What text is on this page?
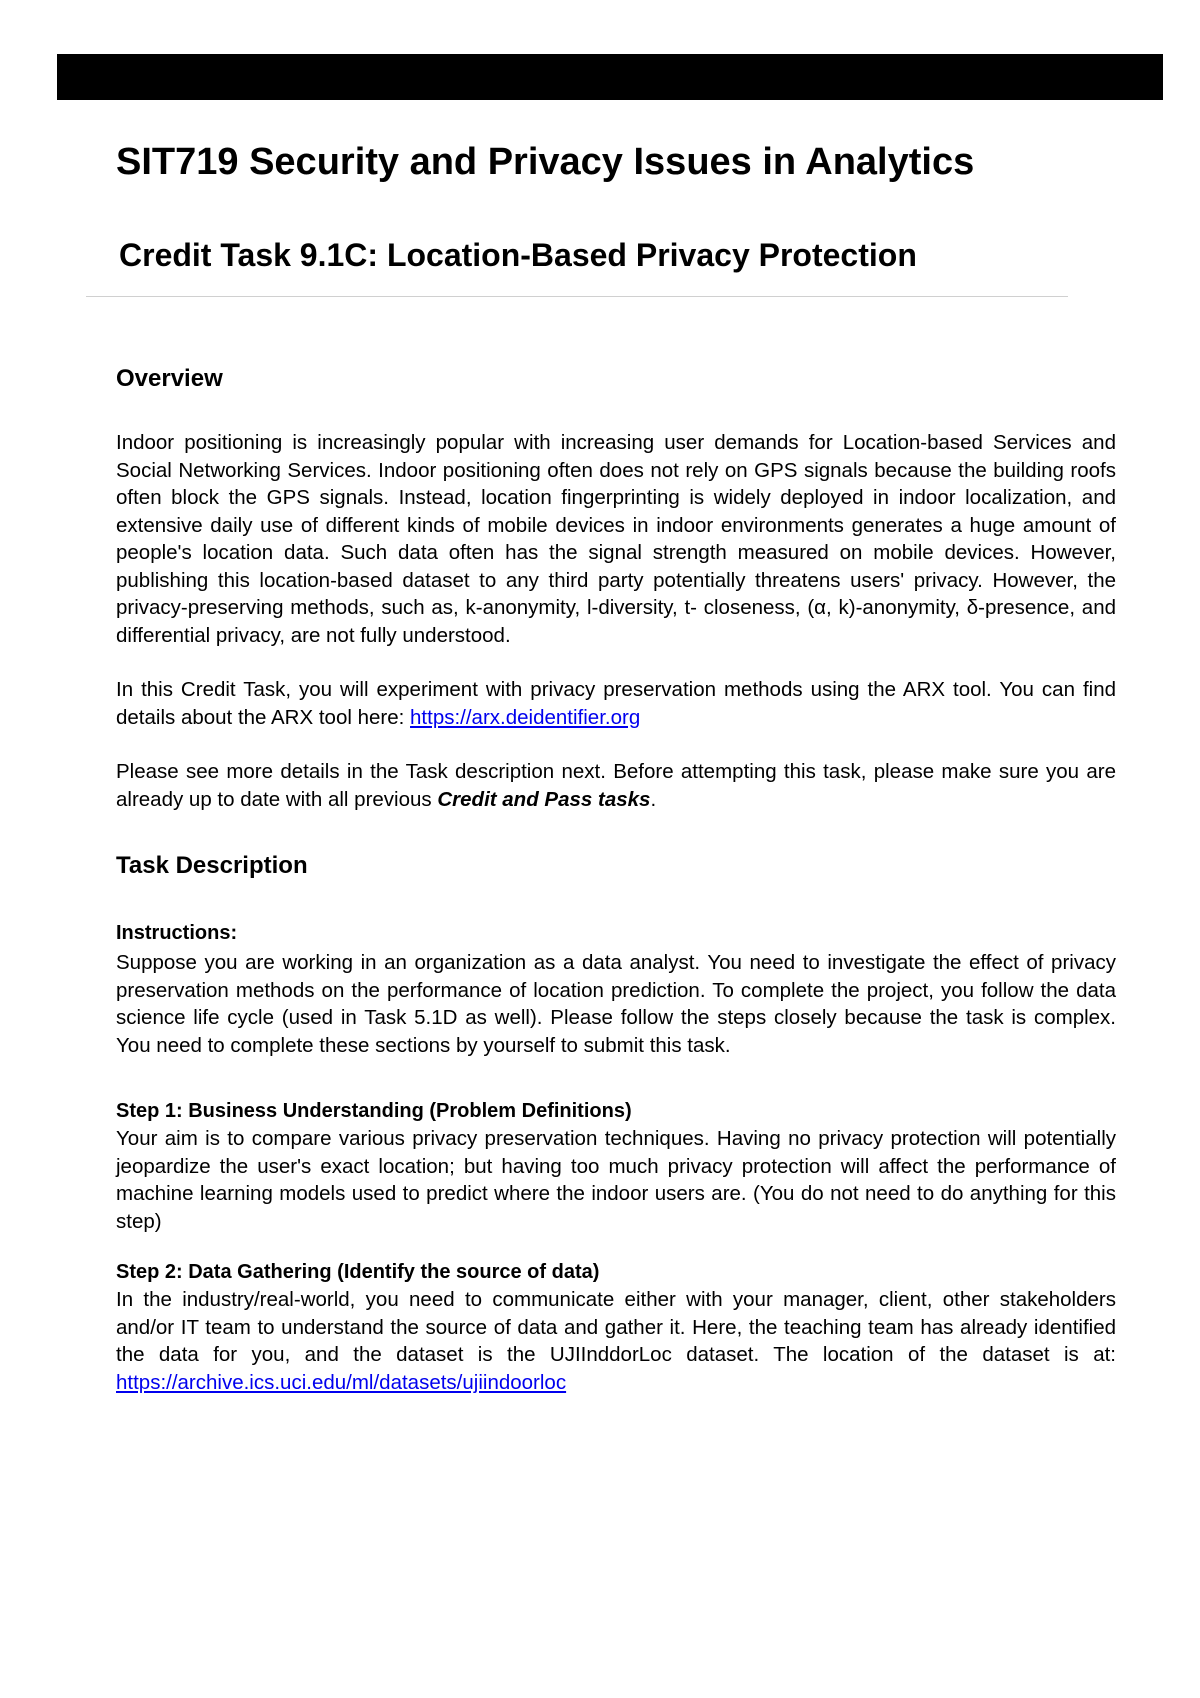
SIT719 Security and Privacy Issues in Analytics
Credit Task 9.1C: Location-Based Privacy Protection
Overview

Indoor positioning is increasingly popular with increasing user demands for Location-based Services and Social Networking Services. Indoor positioning often does not rely on GPS signals because the building roofs often block the GPS signals. Instead, location fingerprinting is widely deployed in indoor localization, and extensive daily use of different kinds of mobile devices in indoor environments generates a huge amount of people's location data. Such data often has the signal strength measured on mobile devices. However, publishing this location-based dataset to any third party potentially threatens users' privacy. However, the privacy-preserving methods, such as, k-anonymity, l-diversity, t- closeness, (α, k)-anonymity, δ-presence, and differential privacy, are not fully understood.

In this Credit Task, you will experiment with privacy preservation methods using the ARX tool. You can find details about the ARX tool here: https://arx.deidentifier.org

Please see more details in the Task description next. Before attempting this task, please make sure you are already up to date with all previous Credit and Pass tasks.

Task Description
Instructions:

Suppose you are working in an organization as a data analyst. You need to investigate the effect of privacy preservation methods on the performance of location prediction. To complete the project, you follow the data science life cycle (used in Task 5.1D as well). Please follow the steps closely because the task is complex. You need to complete these sections by yourself to submit this task.

Step 1: Business Understanding (Problem Definitions)

Your aim is to compare various privacy preservation techniques. Having no privacy protection will potentially jeopardize the user's exact location; but having too much privacy protection will affect the performance of machine learning models used to predict where the indoor users are. (You do not need to do anything for this step)

Step 2: Data Gathering (Identify the source of data)

In the industry/real-world, you need to communicate either with your manager, client, other stakeholders and/or IT team to understand the source of data and gather it. Here, the teaching team has already identified the data for you, and the dataset is the UJIInddorLoc dataset. The location of the dataset is at: https://archive.ics.uci.edu/ml/datasets/ujiindoorloc
